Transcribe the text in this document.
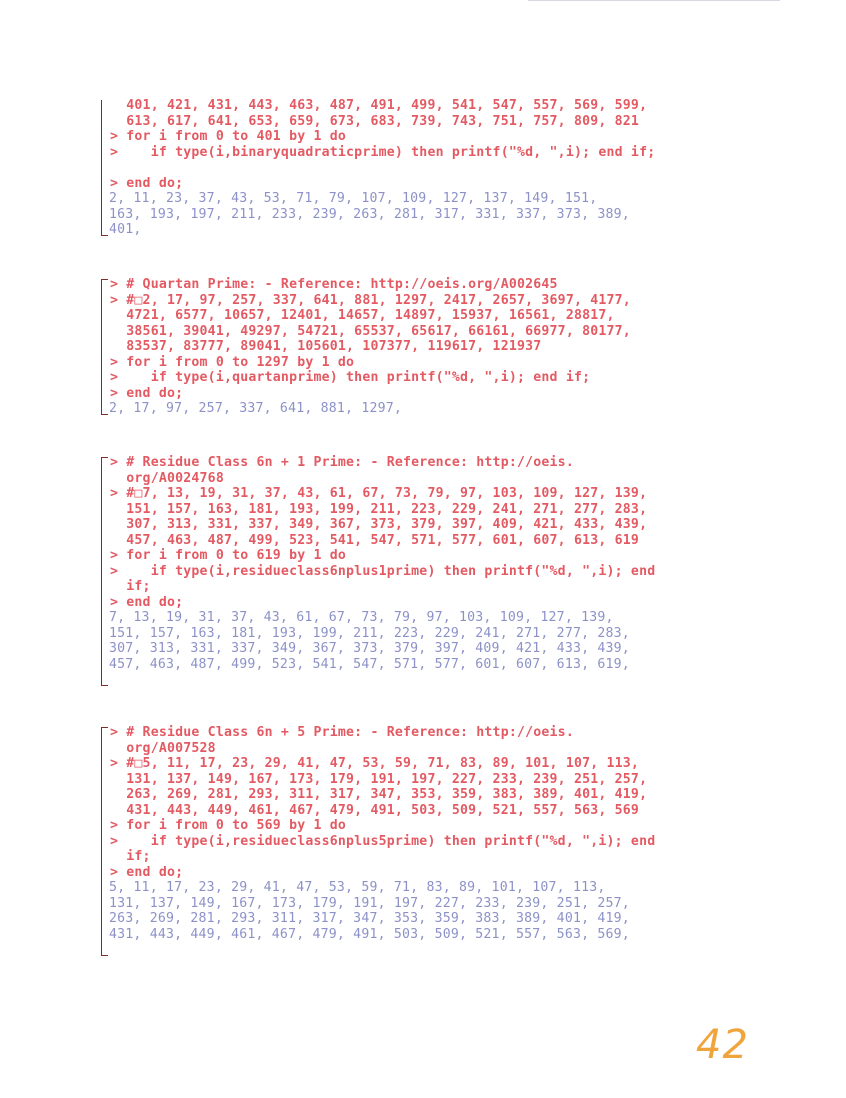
401, 421, 431, 443, 463, 487, 491, 499, 541, 547, 557, 569, 599,
613, 617, 641, 653, 659, 673, 683, 739, 743, 751, 757, 809, 821
> for i from 0 to 401 by 1 do
>    if type(i,binaryquadraticprime) then printf("%d, ",i); end if;
> end do;
2, 11, 23, 37, 43, 53, 71, 79, 107, 109, 127, 137, 149, 151,
163, 193, 197, 211, 233, 239, 263, 281, 317, 331, 337, 373, 389,
401,
> # Quartan Prime: - Reference: http://oeis.org/A002645
> #□2, 17, 97, 257, 337, 641, 881, 1297, 2417, 2657, 3697, 4177,
4721, 6577, 10657, 12401, 14657, 14897, 15937, 16561, 28817,
38561, 39041, 49297, 54721, 65537, 65617, 66161, 66977, 80177,
83537, 83777, 89041, 105601, 107377, 119617, 121937
> for i from 0 to 1297 by 1 do
>    if type(i,quartanprime) then printf("%d, ",i); end if;
> end do;
2, 17, 97, 257, 337, 641, 881, 1297,
> # Residue Class 6n + 1 Prime: - Reference: http://oeis.
org/A0024768
> #□7, 13, 19, 31, 37, 43, 61, 67, 73, 79, 97, 103, 109, 127, 139,
151, 157, 163, 181, 193, 199, 211, 223, 229, 241, 271, 277, 283,
307, 313, 331, 337, 349, 367, 373, 379, 397, 409, 421, 433, 439,
457, 463, 487, 499, 523, 541, 547, 571, 577, 601, 607, 613, 619
> for i from 0 to 619 by 1 do
>    if type(i,residueclass6nplus1prime) then printf("%d, ",i); end
if;
> end do;
7, 13, 19, 31, 37, 43, 61, 67, 73, 79, 97, 103, 109, 127, 139,
151, 157, 163, 181, 193, 199, 211, 223, 229, 241, 271, 277, 283,
307, 313, 331, 337, 349, 367, 373, 379, 397, 409, 421, 433, 439,
457, 463, 487, 499, 523, 541, 547, 571, 577, 601, 607, 613, 619,
> # Residue Class 6n + 5 Prime: - Reference: http://oeis.
org/A007528
> #□5, 11, 17, 23, 29, 41, 47, 53, 59, 71, 83, 89, 101, 107, 113,
131, 137, 149, 167, 173, 179, 191, 197, 227, 233, 239, 251, 257,
263, 269, 281, 293, 311, 317, 347, 353, 359, 383, 389, 401, 419,
431, 443, 449, 461, 467, 479, 491, 503, 509, 521, 557, 563, 569
> for i from 0 to 569 by 1 do
>    if type(i,residueclass6nplus5prime) then printf("%d, ",i); end
if;
> end do;
5, 11, 17, 23, 29, 41, 47, 53, 59, 71, 83, 89, 101, 107, 113,
131, 137, 149, 167, 173, 179, 191, 197, 227, 233, 239, 251, 257,
263, 269, 281, 293, 311, 317, 347, 353, 359, 383, 389, 401, 419,
431, 443, 449, 461, 467, 479, 491, 503, 509, 521, 557, 563, 569,
42
